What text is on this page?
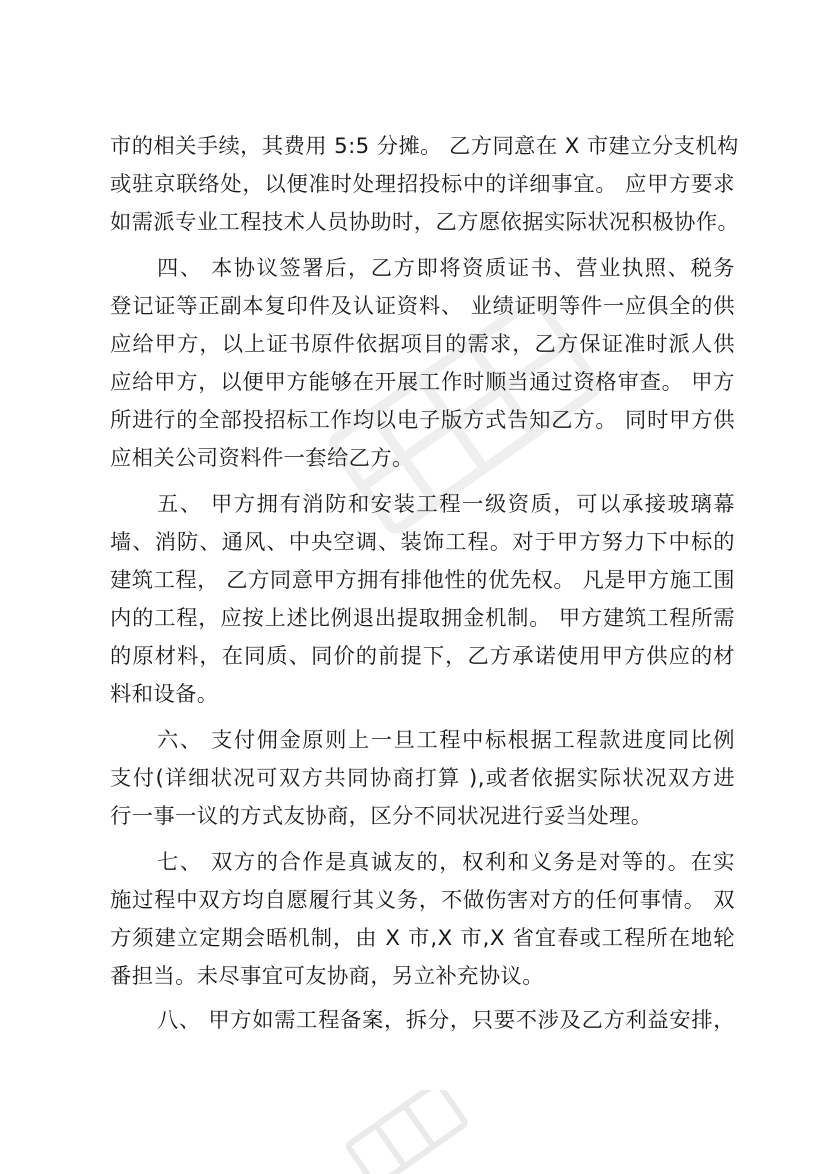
市的相关手续，其费用 5:5 分摊。 乙方同意在 X 市建立分支机构
或驻京联络处，以便准时处理招投标中的详细事宜。 应甲方要求
如需派专业工程技术人员协助时，乙方愿依据实际状况积极协作。
四、 本协议签署后，乙方即将资质证书、营业执照、税务
登记证等正副本复印件及认证资料、 业绩证明等件一应俱全的供
应给甲方，以上证书原件依据项目的需求，乙方保证准时派人供
应给甲方，以便甲方能够在开展工作时顺当通过资格审查。 甲方
所进行的全部投招标工作均以电子版方式告知乙方。 同时甲方供
应相关公司资料件一套给乙方。
五、 甲方拥有消防和安装工程一级资质，可以承接玻璃幕
墙、消防、通风、中央空调、装饰工程。对于甲方努力下中标的
建筑工程， 乙方同意甲方拥有排他性的优先权。 凡是甲方施工围
内的工程，应按上述比例退出提取拥金机制。 甲方建筑工程所需
的原材料，在同质、同价的前提下，乙方承诺使用甲方供应的材
料和设备。
六、 支付佣金原则上一旦工程中标根据工程款进度同比例
支付(详细状况可双方共同协商打算 ),或者依据实际状况双方进
行一事一议的方式友协商，区分不同状况进行妥当处理。
七、 双方的合作是真诚友的，权利和义务是对等的。在实
施过程中双方均自愿履行其义务，不做伤害对方的任何事情。 双
方须建立定期会晤机制，由 X 市,X 市,X 省宜春或工程所在地轮
番担当。未尽事宜可友协商，另立补充协议。
八、 甲方如需工程备案，拆分，只要不涉及乙方利益安排，
